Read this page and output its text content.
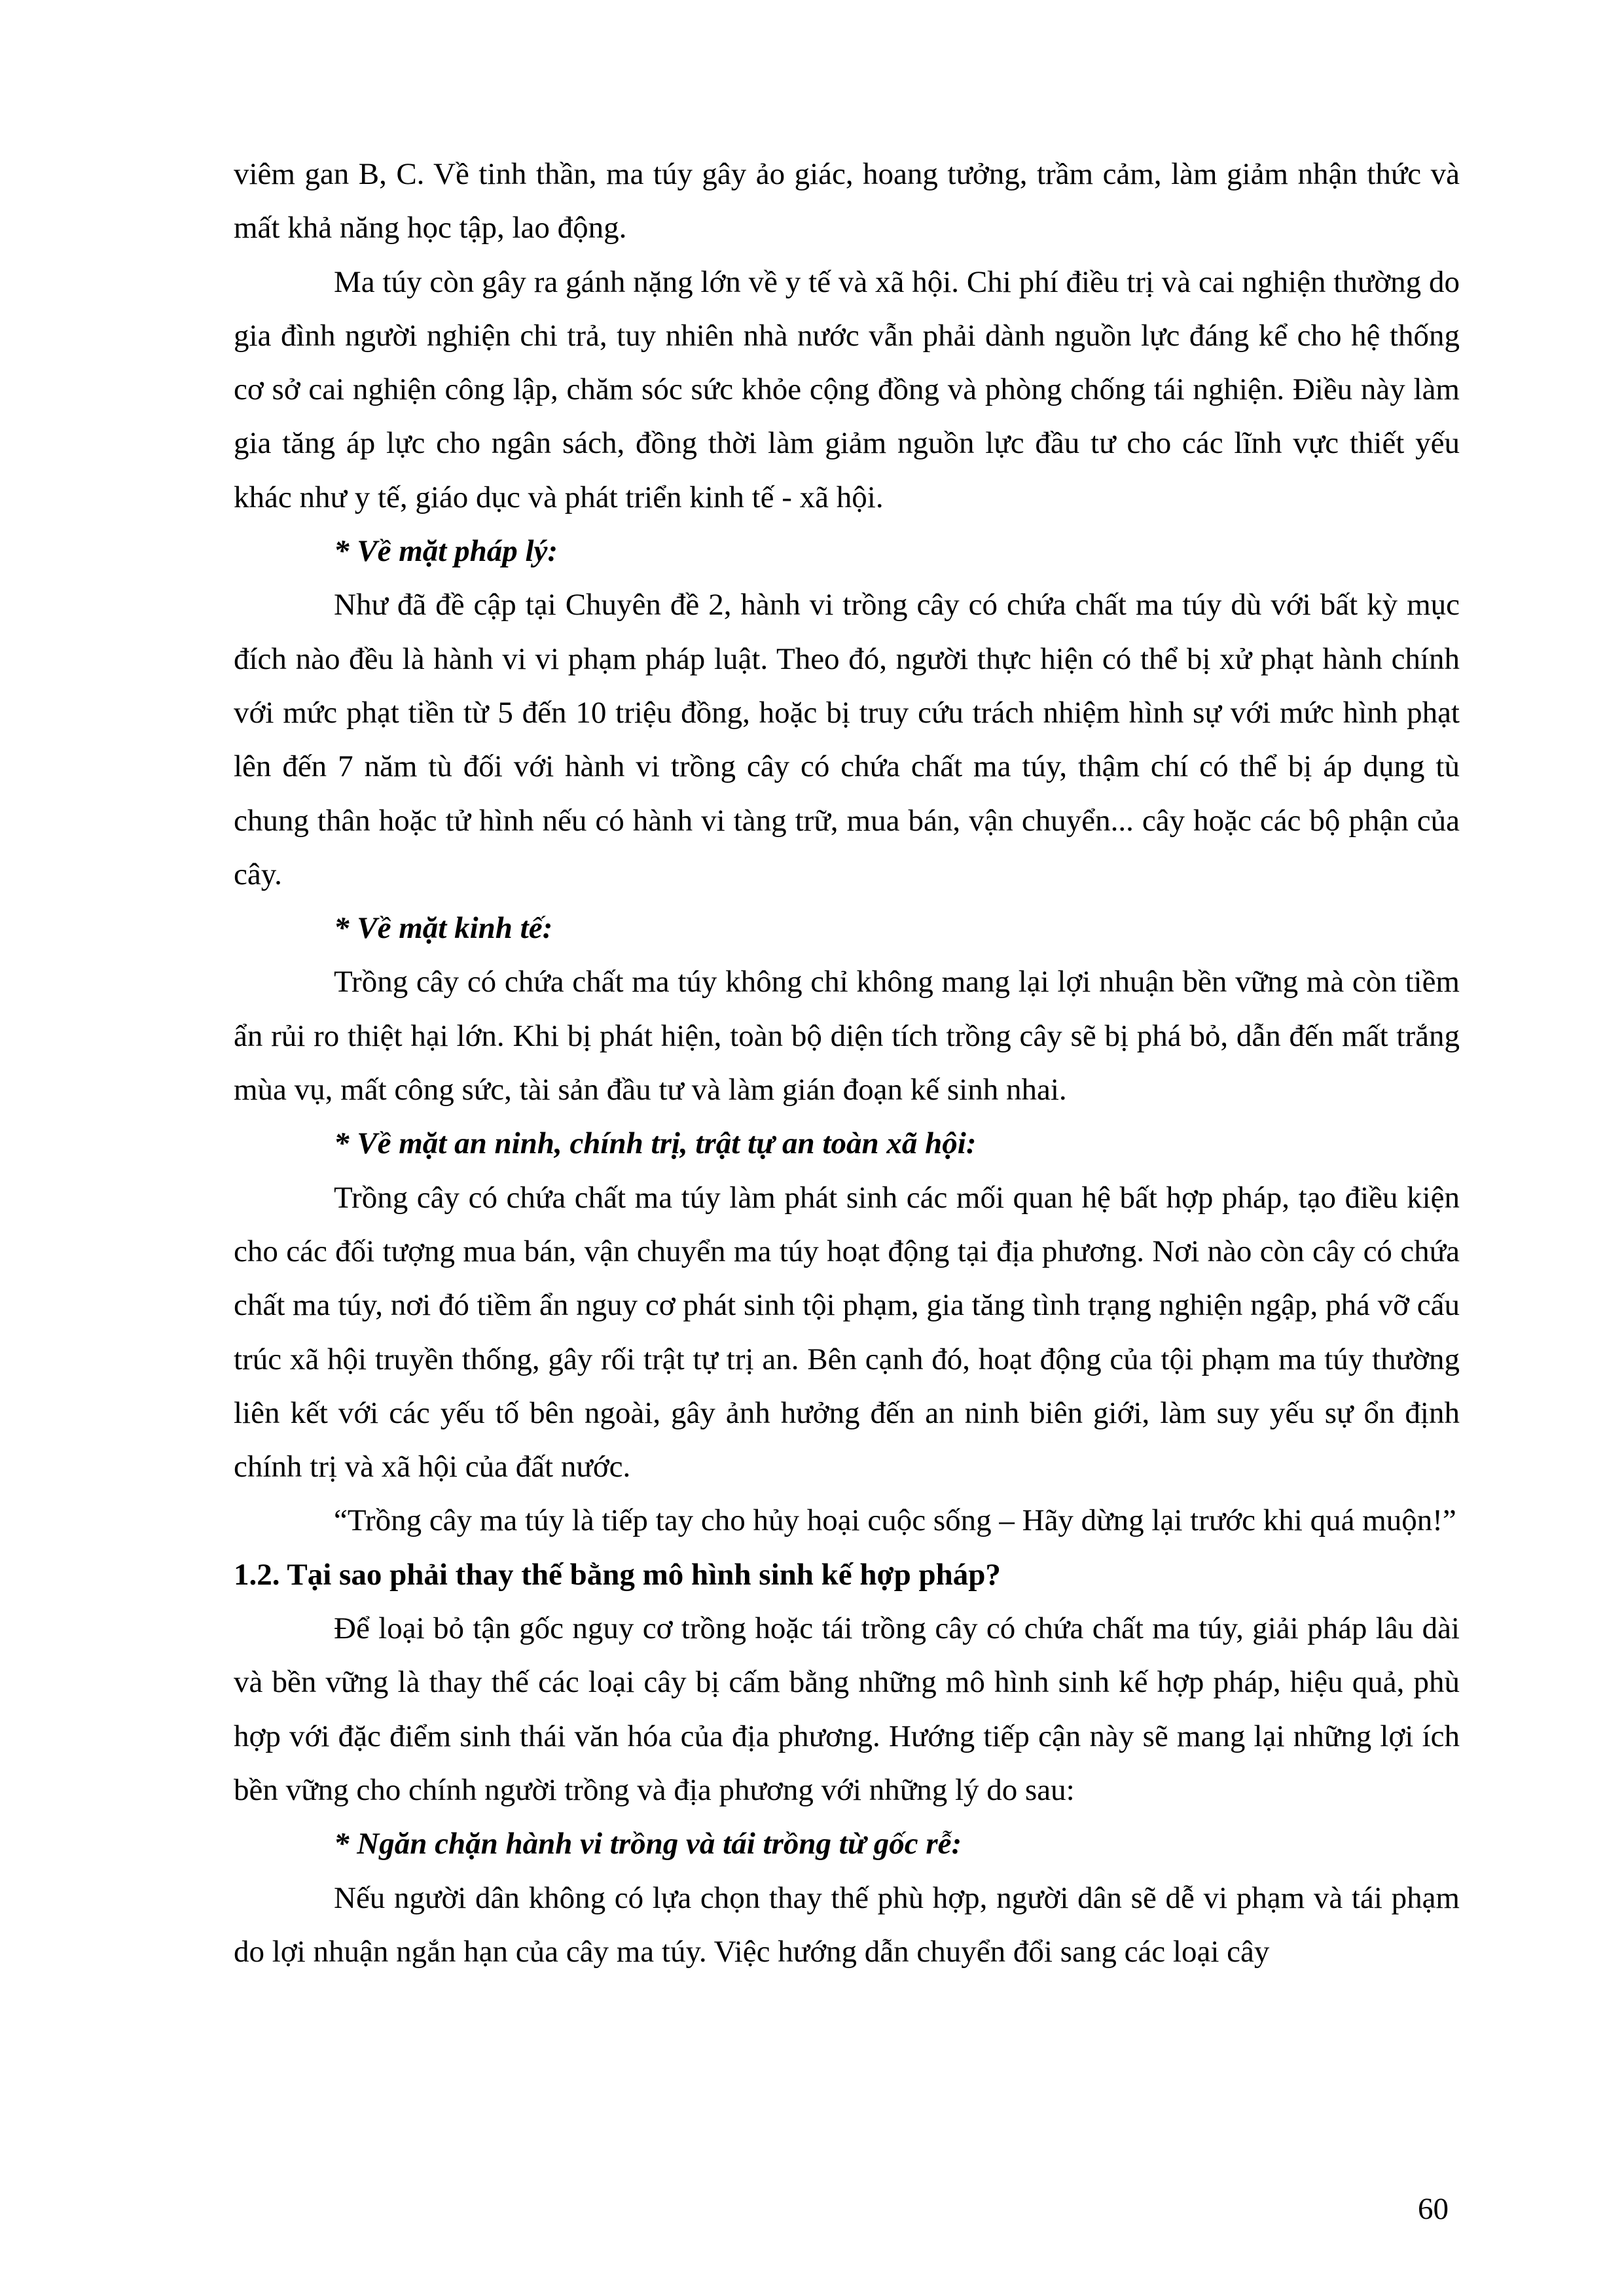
viêm gan B, C. Về tinh thần, ma túy gây ảo giác, hoang tưởng, trầm cảm, làm giảm nhận thức và mất khả năng học tập, lao động.

Ma túy còn gây ra gánh nặng lớn về y tế và xã hội. Chi phí điều trị và cai nghiện thường do gia đình người nghiện chi trả, tuy nhiên nhà nước vẫn phải dành nguồn lực đáng kể cho hệ thống cơ sở cai nghiện công lập, chăm sóc sức khỏe cộng đồng và phòng chống tái nghiện. Điều này làm gia tăng áp lực cho ngân sách, đồng thời làm giảm nguồn lực đầu tư cho các lĩnh vực thiết yếu khác như y tế, giáo dục và phát triển kinh tế - xã hội.

* Về mặt pháp lý:

Như đã đề cập tại Chuyên đề 2, hành vi trồng cây có chứa chất ma túy dù với bất kỳ mục đích nào đều là hành vi vi phạm pháp luật. Theo đó, người thực hiện có thể bị xử phạt hành chính với mức phạt tiền từ 5 đến 10 triệu đồng, hoặc bị truy cứu trách nhiệm hình sự với mức hình phạt lên đến 7 năm tù đối với hành vi trồng cây có chứa chất ma túy, thậm chí có thể bị áp dụng tù chung thân hoặc tử hình nếu có hành vi tàng trữ, mua bán, vận chuyển... cây hoặc các bộ phận của cây.

* Về mặt kinh tế:

Trồng cây có chứa chất ma túy không chỉ không mang lại lợi nhuận bền vững mà còn tiềm ẩn rủi ro thiệt hại lớn. Khi bị phát hiện, toàn bộ diện tích trồng cây sẽ bị phá bỏ, dẫn đến mất trắng mùa vụ, mất công sức, tài sản đầu tư và làm gián đoạn kế sinh nhai.

* Về mặt an ninh, chính trị, trật tự an toàn xã hội:

Trồng cây có chứa chất ma túy làm phát sinh các mối quan hệ bất hợp pháp, tạo điều kiện cho các đối tượng mua bán, vận chuyển ma túy hoạt động tại địa phương. Nơi nào còn cây có chứa chất ma túy, nơi đó tiềm ẩn nguy cơ phát sinh tội phạm, gia tăng tình trạng nghiện ngập, phá vỡ cấu trúc xã hội truyền thống, gây rối trật tự trị an. Bên cạnh đó, hoạt động của tội phạm ma túy thường liên kết với các yếu tố bên ngoài, gây ảnh hưởng đến an ninh biên giới, làm suy yếu sự ổn định chính trị và xã hội của đất nước.

“Trồng cây ma túy là tiếp tay cho hủy hoại cuộc sống – Hãy dừng lại trước khi quá muộn!”

1.2. Tại sao phải thay thế bằng mô hình sinh kế hợp pháp?

Để loại bỏ tận gốc nguy cơ trồng hoặc tái trồng cây có chứa chất ma túy, giải pháp lâu dài và bền vững là thay thế các loại cây bị cấm bằng những mô hình sinh kế hợp pháp, hiệu quả, phù hợp với đặc điểm sinh thái văn hóa của địa phương. Hướng tiếp cận này sẽ mang lại những lợi ích bền vững cho chính người trồng và địa phương với những lý do sau:

* Ngăn chặn hành vi trồng và tái trồng từ gốc rễ:

Nếu người dân không có lựa chọn thay thế phù hợp, người dân sẽ dễ vi phạm và tái phạm do lợi nhuận ngắn hạn của cây ma túy. Việc hướng dẫn chuyển đổi sang các loại cây

60
